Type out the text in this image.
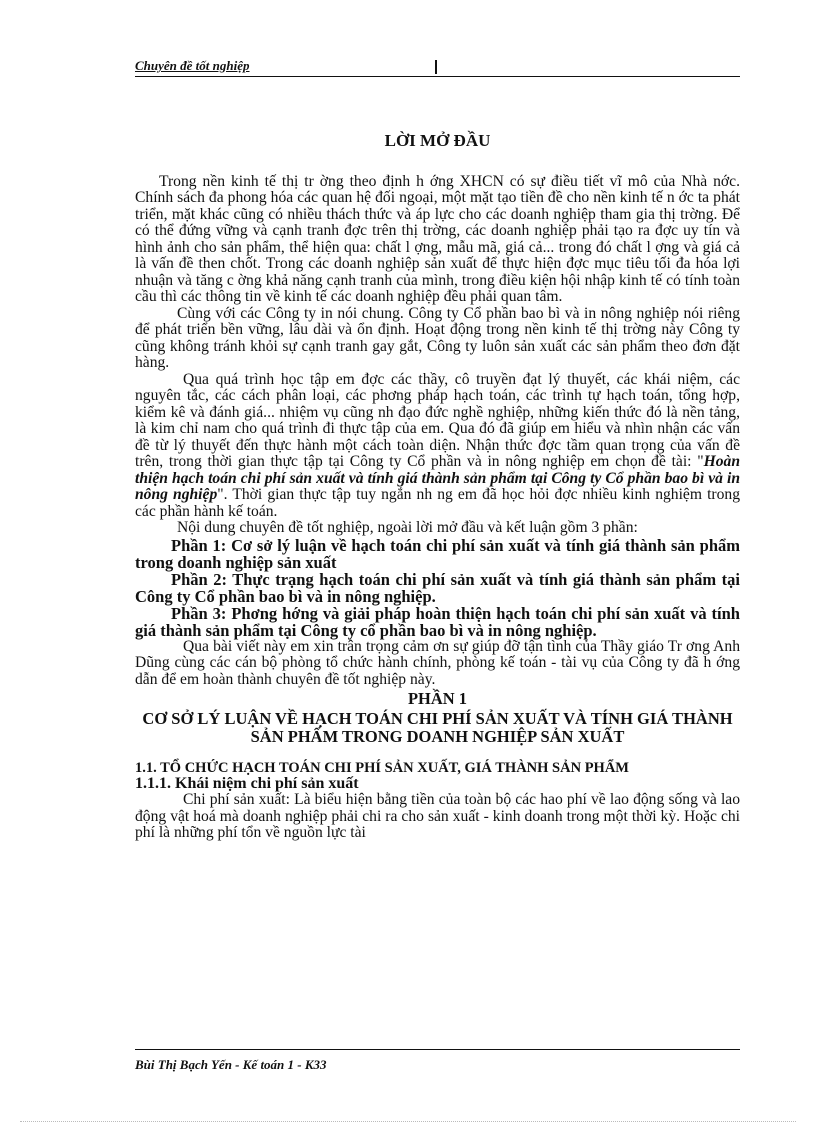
Chuyên đề tốt nghiệp
LỜI MỞ ĐẦU

Trong nền kinh tế thị tr ờng theo định h ớng XHCN có sự điều tiết vĩ mô của Nhà nớc. Chính sách đa phong hóa các quan hệ đối ngoại, một mặt tạo tiền đề cho nền kinh tế n ớc ta phát triển, mặt khác cũng có nhiều thách thức và áp lực cho các doanh nghiệp tham gia thị trờng. Để có thể đứng vững và cạnh tranh đợc trên thị trờng, các doanh nghiệp phải tạo ra đợc uy tín và hình ảnh cho sản phẩm, thể hiện qua: chất l ợng, mẫu mã, giá cả... trong đó chất l ợng và giá cả là vấn đề then chốt. Trong các doanh nghiệp sản xuất để thực hiện đợc mục tiêu tối đa hóa lợi nhuận và tăng c ờng khả năng cạnh tranh của mình, trong điều kiện hội nhập kinh tế có tính toàn cầu thì các thông tin về kinh tế các doanh nghiệp đều phải quan tâm.

Cùng với các Công ty in nói chung. Công ty Cổ phần bao bì và in nông nghiệp nói riêng để phát triển bền vững, lâu dài và ổn định. Hoạt động trong nền kinh tế thị trờng này Công ty cũng không tránh khỏi sự cạnh tranh gay gắt, Công ty luôn sản xuất các sản phẩm theo đơn đặt hàng.

Qua quá trình học tập em đợc các thầy, cô truyền đạt lý thuyết, các khái niệm, các nguyên tắc, các cách phân loại, các phơng pháp hạch toán, các trình tự hạch toán, tổng hợp, kiểm kê và đánh giá... nhiệm vụ cũng nh đạo đức nghề nghiệp, những kiến thức đó là nền tảng, là kim chỉ nam cho quá trình đi thực tập của em. Qua đó đã giúp em hiểu và nhìn nhận các vấn đề từ lý thuyết đến thực hành một cách toàn diện. Nhận thức đợc tầm quan trọng của vấn đề trên, trong thời gian thực tập tại Công ty Cổ phần và in nông nghiệp em chọn đề tài: "Hoàn thiện hạch toán chi phí sản xuất và tính giá thành sản phẩm tại Công ty Cổ phần bao bì và in nông nghiệp". Thời gian thực tập tuy ngắn nh ng em đã học hỏi đợc nhiều kinh nghiệm trong các phần hành kế toán.

Nội dung chuyên đề tốt nghiệp, ngoài lời mở đầu và kết luận gồm 3 phần:

Phần 1: Cơ sở lý luận về hạch toán chi phí sản xuất và tính giá thành sản phẩm trong doanh nghiệp sản xuất

Phần 2: Thực trạng hạch toán chi phí sản xuất và tính giá thành sản phẩm tại Công ty Cổ phần bao bì và in nông nghiệp.

Phần 3: Phơng hớng và giải pháp hoàn thiện hạch toán chi phí sản xuất và tính giá thành sản phẩm tại Công ty cổ phần bao bì và in nông nghiệp.

Qua bài viết này em xin trân trọng cảm ơn sự giúp đỡ tận tình của Thầy giáo Tr ơng Anh Dũng cùng các cán bộ phòng tổ chức hành chính, phòng kế toán - tài vụ của Công ty đã h ớng dẫn để em hoàn thành chuyên đề tốt nghiệp này.

PHẦN 1
CƠ SỞ LÝ LUẬN VỀ HẠCH TOÁN CHI PHÍ SẢN XUẤT VÀ TÍNH GIÁ THÀNH SẢN PHẨM TRONG DOANH NGHIỆP SẢN XUẤT
1.1. TỔ CHỨC HẠCH TOÁN CHI PHÍ SẢN XUẤT, GIÁ THÀNH SẢN PHẨM
1.1.1. Khái niệm chi phí sản xuất

Chi phí sản xuất: Là biểu hiện bằng tiền của toàn bộ các hao phí về lao động sống và lao động vật hoá mà doanh nghiệp phải chi ra cho sản xuất - kinh doanh trong một thời kỳ. Hoặc chi phí là những phí tổn về nguồn lực tài

Bùi Thị Bạch Yến - Kế toán 1 - K33
